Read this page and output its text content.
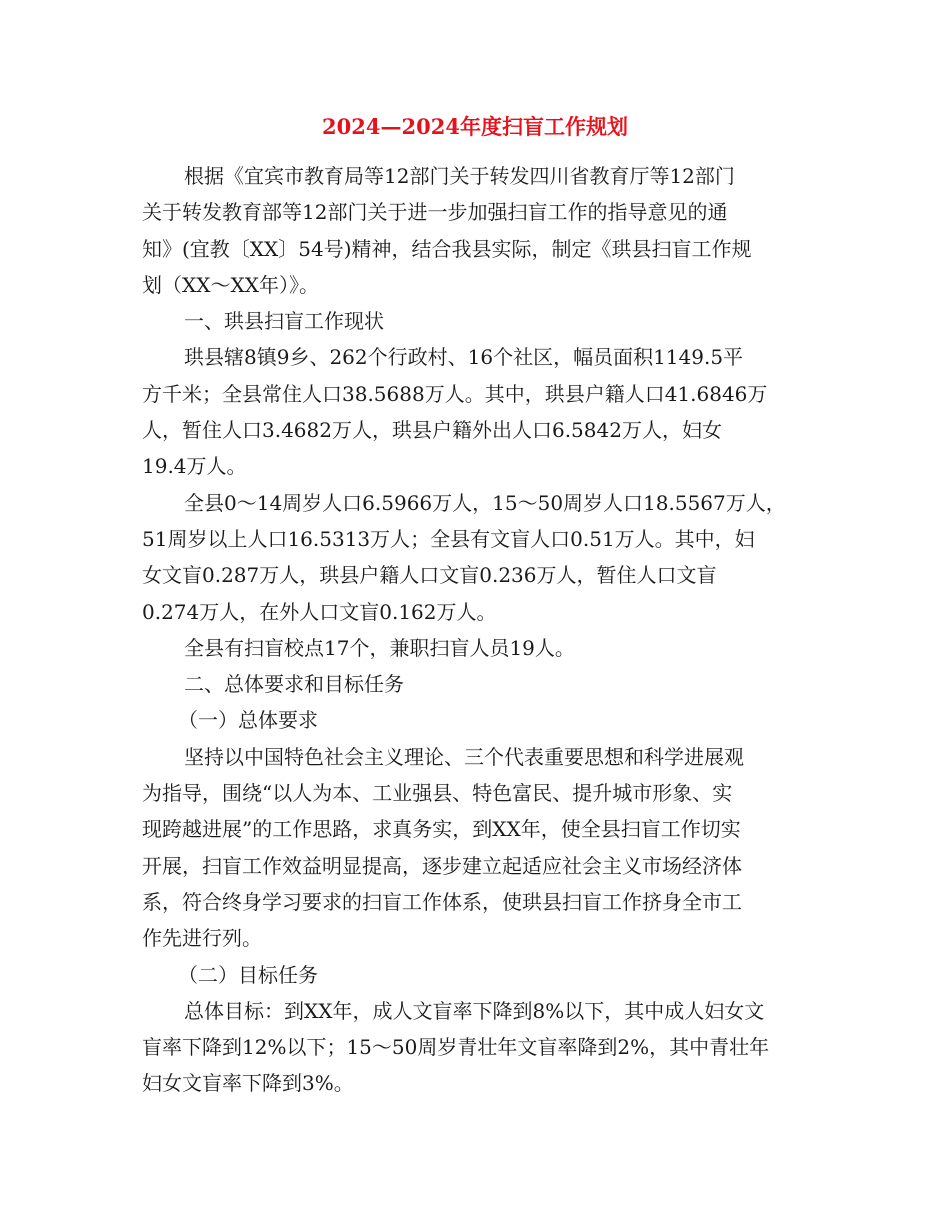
2024—2024年度扫盲工作规划
根据《宜宾市教育局等12部门关于转发四川省教育厅等12部门
关于转发教育部等12部门关于进一步加强扫盲工作的指导意见的通
知》(宜教〔XX〕54号)精神，结合我县实际，制定《珙县扫盲工作规
划（XX～XX年）》。
一、珙县扫盲工作现状
珙县辖8镇9乡、262个行政村、16个社区，幅员面积1149.5平
方千米；全县常住人口38.5688万人。其中，珙县户籍人口41.6846万
人，暂住人口3.4682万人，珙县户籍外出人口6.5842万人，妇女
19.4万人。
全县0～14周岁人口6.5966万人，15～50周岁人口18.5567万人，
51周岁以上人口16.5313万人；全县有文盲人口0.51万人。其中，妇
女文盲0.287万人，珙县户籍人口文盲0.236万人，暂住人口文盲
0.274万人，在外人口文盲0.162万人。
全县有扫盲校点17个，兼职扫盲人员19人。
二、总体要求和目标任务
（一）总体要求
坚持以中国特色社会主义理论、三个代表重要思想和科学进展观
为指导，围绕“以人为本、工业强县、特色富民、提升城市形象、实
现跨越进展”的工作思路，求真务实，到XX年，使全县扫盲工作切实
开展，扫盲工作效益明显提高，逐步建立起适应社会主义市场经济体
系，符合终身学习要求的扫盲工作体系，使珙县扫盲工作挤身全市工
作先进行列。
（二）目标任务
总体目标：到XX年，成人文盲率下降到8%以下，其中成人妇女文
盲率下降到12%以下；15～50周岁青壮年文盲率降到2%，其中青壮年
妇女文盲率下降到3%。
